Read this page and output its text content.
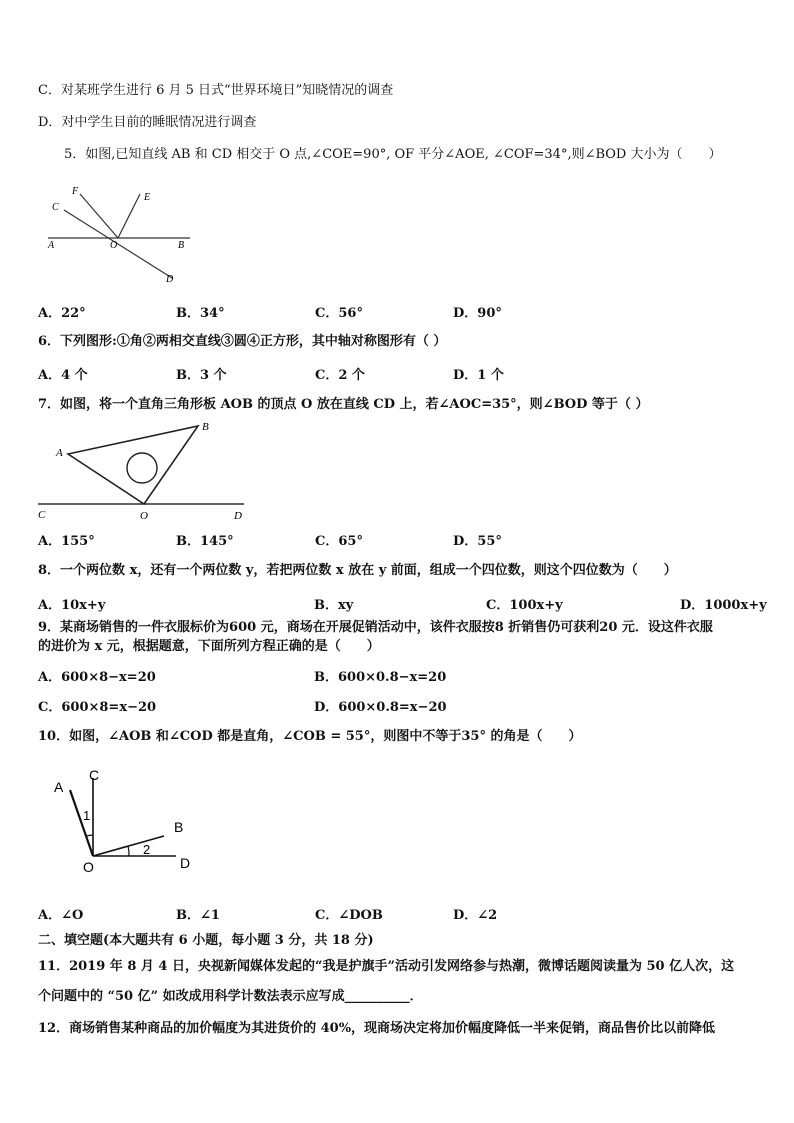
C．对某班学生进行 6 月 5 日式“世界环境日”知晓情况的调查
D．对中学生目前的睡眠情况进行调查
5．如图,已知直线 AB 和 CD 相交于 O 点,∠COE=90°, OF 平分∠AOE, ∠COF=34°,则∠BOD 大小为（　　）
C
F
E
A	O	B
D
A．22°	B．34°	C．56°	D．90°
6．下列图形:①角②两相交直线③圆④正方形，其中轴对称图形有（ ）
A．4 个	B．3 个	C．2 个	D．1 个
7．如图，将一个直角三角形板 AOB 的顶点 O 放在直线 CD 上，若∠AOC=35°，则∠BOD 等于（ ）
A
B
C	O	D
A．155°	B．145°	C．65°	D．55°
8．一个两位数 x，还有一个两位数 y，若把两位数 x 放在 y 前面，组成一个四位数，则这个四位数为（　　）
A．10x+y	B．xy	C．100x+y	D．1000x+y
9．某商场销售的一件衣服标价为600 元，商场在开展促销活动中，该件衣服按8 折销售仍可获利20 元．设这件衣服
的进价为 x 元，根据题意，下面所列方程正确的是（　　）
A．600×8−x=20	B．600×0.8−x=20
C．600×8=x−20	D．600×0.8=x−20
10．如图，∠AOB 和∠COD 都是直角，∠COB = 55°，则图中不等于35° 的角是（　　）
A
C
B
1
2
O	D
A．∠O	B．∠1	C．∠DOB	D．∠2
二、填空题(本大题共有 6 小题，每小题 3 分，共 18 分)
11．2019 年 8 月 4 日，央视新闻媒体发起的“我是护旗手”活动引发网络参与热潮，微博话题阅读量为 50 亿人次，这
个问题中的 “50 亿” 如改成用科学计数法表示应写成__________．
12．商场销售某种商品的加价幅度为其进货价的 40%，现商场决定将加价幅度降低一半来促销，商品售价比以前降低
